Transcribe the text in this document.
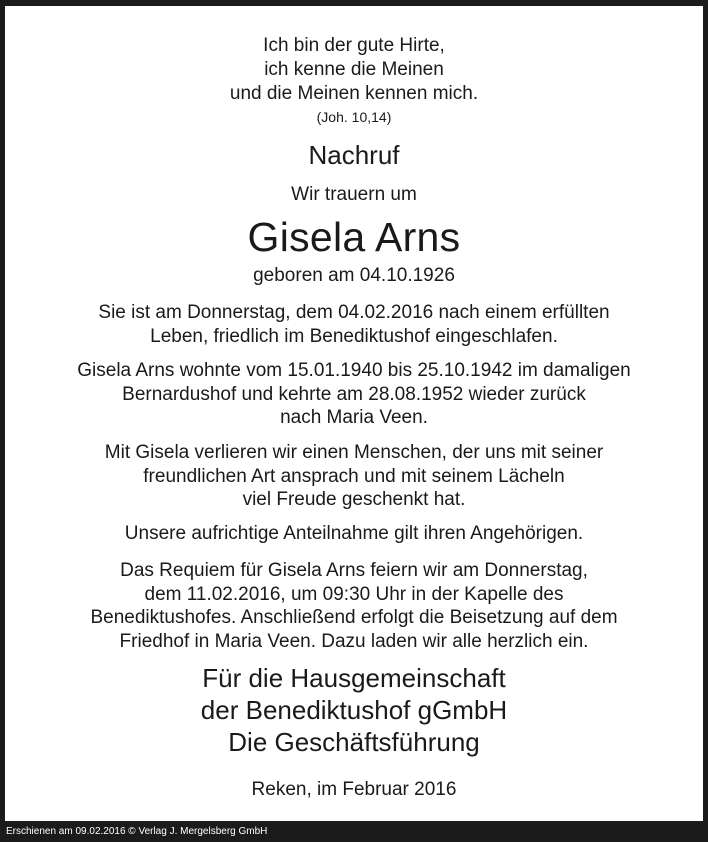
Ich bin der gute Hirte,
ich kenne die Meinen
und die Meinen kennen mich.
(Joh. 10,14)
Nachruf
Wir trauern um
Gisela Arns
geboren am 04.10.1926
Sie ist am Donnerstag, dem 04.02.2016 nach einem erfüllten
Leben, friedlich im Benediktushof eingeschlafen.
Gisela Arns wohnte vom 15.01.1940 bis 25.10.1942 im damaligen
Bernardushof und kehrte am 28.08.1952 wieder zurück
nach Maria Veen.
Mit Gisela verlieren wir einen Menschen, der uns mit seiner
freundlichen Art ansprach und mit seinem Lächeln
viel Freude geschenkt hat.
Unsere aufrichtige Anteilnahme gilt ihren Angehörigen.
Das Requiem für Gisela Arns feiern wir am Donnerstag,
dem 11.02.2016, um 09:30 Uhr in der Kapelle des
Benediktushofes. Anschließend erfolgt die Beisetzung auf dem
Friedhof in Maria Veen. Dazu laden wir alle herzlich ein.
Für die Hausgemeinschaft
der Benediktushof gGmbH
Die Geschäftsführung
Reken, im Februar 2016
Erschienen am 09.02.2016 © Verlag J. Mergelsberg GmbH
